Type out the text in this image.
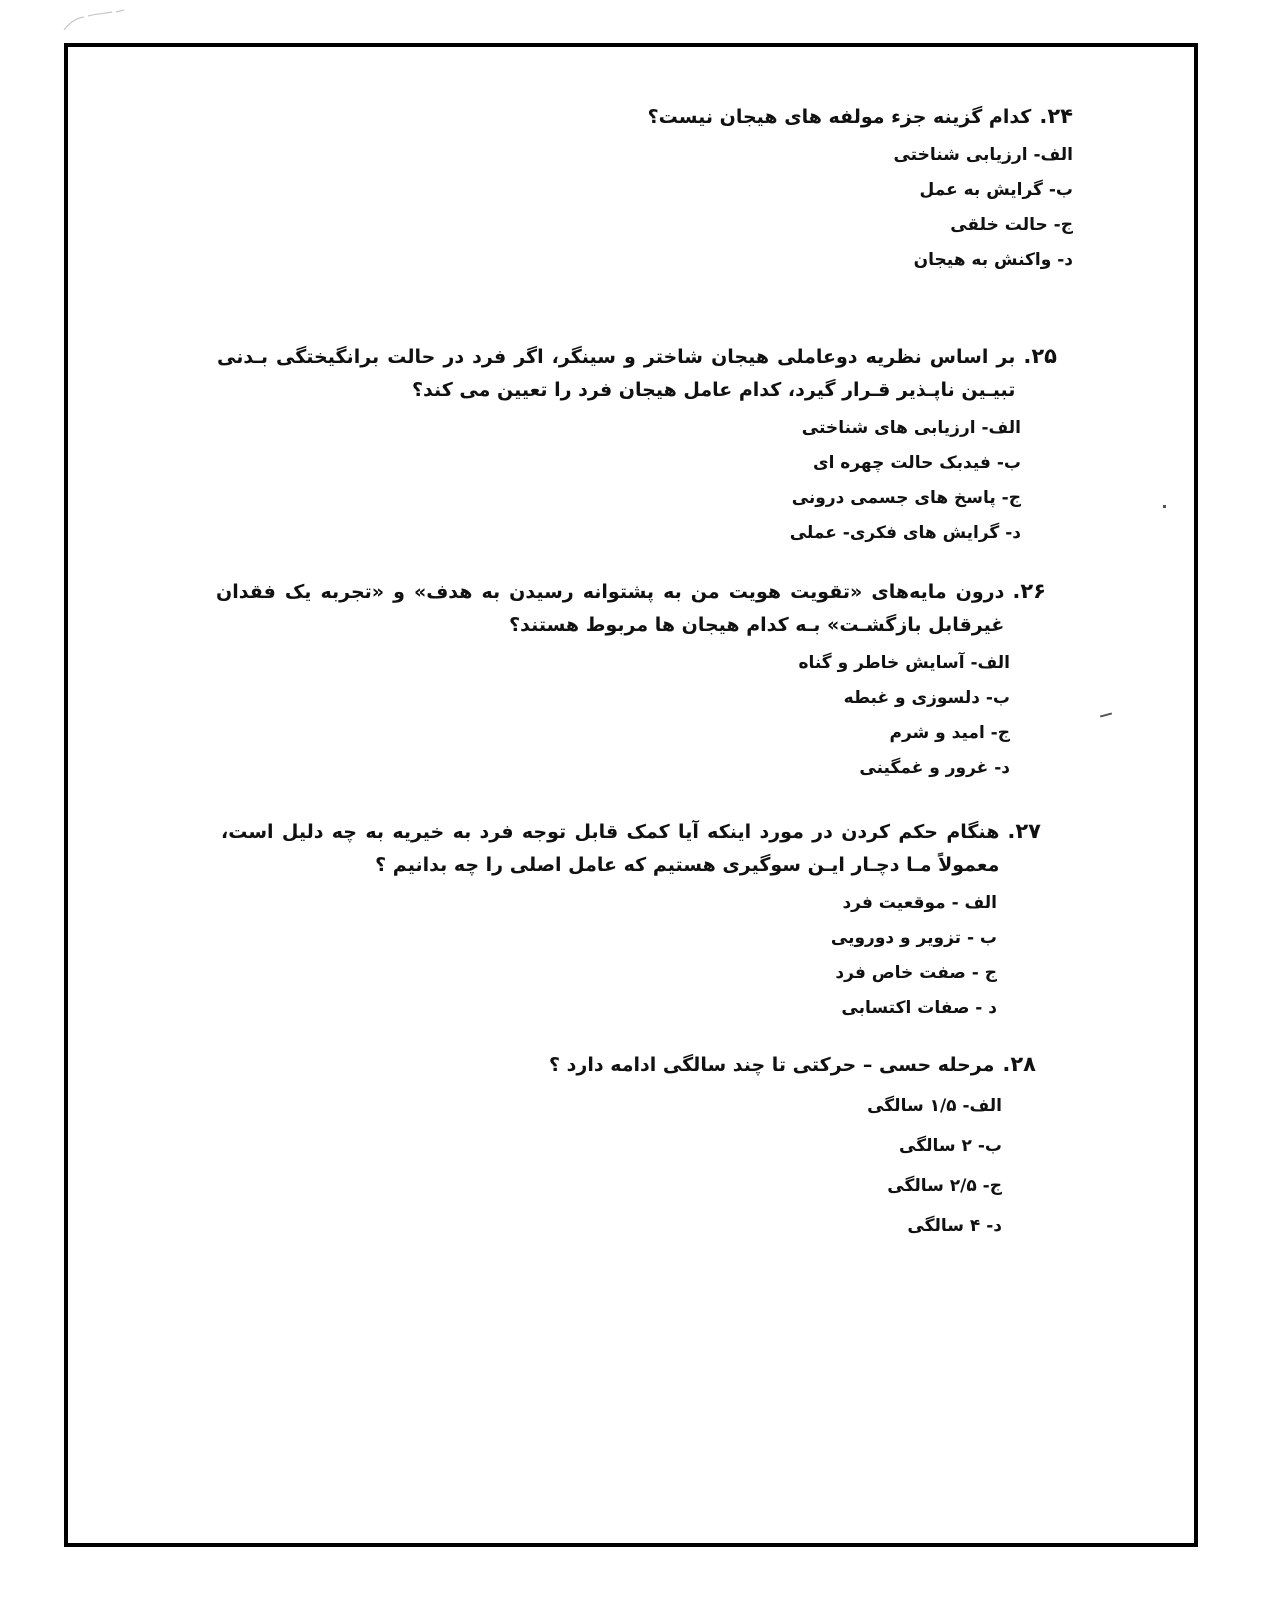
۲۴.
کدام گزینه جزء مولفه های هیجان نیست؟
الف- ارزیابی شناختی
ب- گرایش به عمل
ج- حالت خلقی
د- واکنش به هیجان
۲۵.
بر اساس نظریه دوعاملی هیجان شاختر و سینگر، اگر فرد در حالت برانگیختگی بـدنی تبیـین ناپـذیر قـرار گیرد، کدام عامل هیجان فرد را تعیین می کند؟
الف- ارزیابی های شناختی
ب- فیدبک حالت چهره ای
ج- پاسخ های جسمی درونی
د- گرایش های فکری- عملی
۲۶.
درون مایه‌های «تقویت هویت من به پشتوانه رسیدن به هدف» و «تجربه یک فقدان غیرقابل بازگشـت» بـه کدام هیجان ها مربوط هستند؟
الف- آسایش خاطر و گناه
ب- دلسوزی و غبطه
ج- امید و شرم
د- غرور و غمگینی
۲۷.
هنگام حکم کردن در مورد اینکه آیا کمک قابل توجه فرد به خیریه به چه دلیل است، معمولاً مـا دچـار ایـن سوگیری هستیم که عامل اصلی را چه بدانیم ؟
الف - موقعیت فرد
ب - تزویر و دورویی
ج - صفت خاص فرد
د - صفات اکتسابی
۲۸.
مرحله حسی – حرکتی تا چند سالگی ادامه دارد ؟
الف- ۱/۵ سالگی
ب- ۲ سالگی
ج- ۲/۵ سالگی
د- ۴ سالگی
